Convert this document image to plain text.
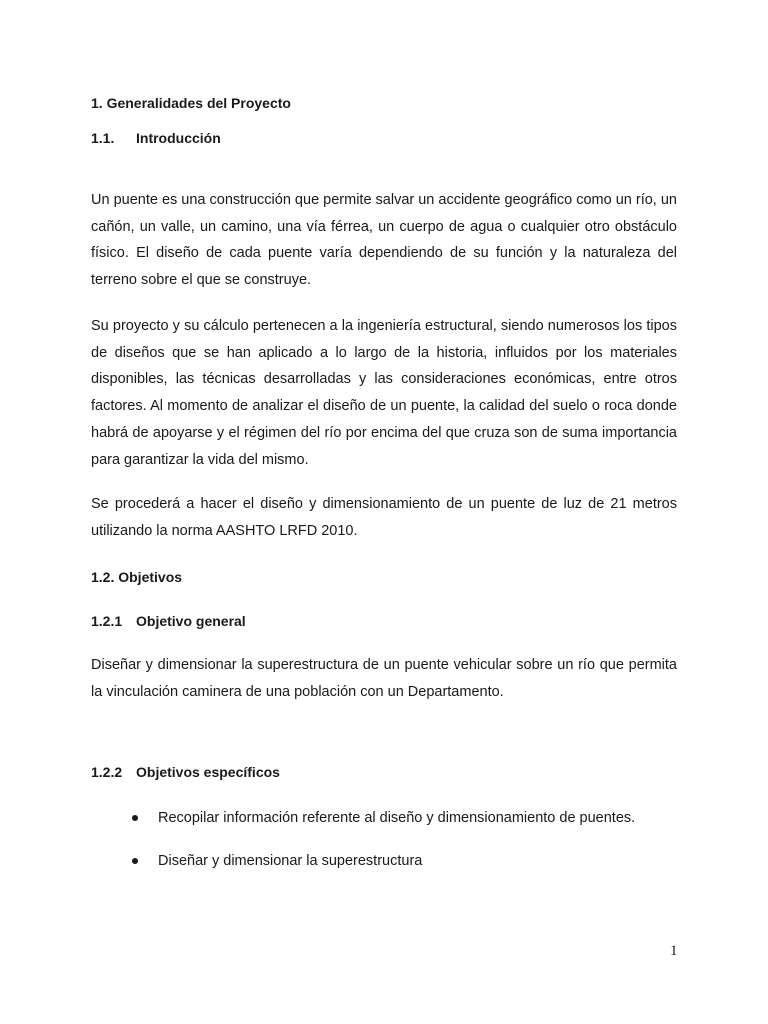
1. Generalidades del Proyecto
1.1. Introducción

Un puente es una construcción que permite salvar un accidente geográfico como un río, un cañón, un valle, un camino, una vía férrea, un cuerpo de agua o cualquier otro obstáculo físico. El diseño de cada puente varía dependiendo de su función y la naturaleza del terreno sobre el que se construye.

Su proyecto y su cálculo pertenecen a la ingeniería estructural, siendo numerosos los tipos de diseños que se han aplicado a lo largo de la historia, influidos por los materiales disponibles, las técnicas desarrolladas y las consideraciones económicas, entre otros factores. Al momento de analizar el diseño de un puente, la calidad del suelo o roca donde habrá de apoyarse y el régimen del río por encima del que cruza son de suma importancia para garantizar la vida del mismo.

Se procederá a hacer el diseño y dimensionamiento de un puente de luz de 21 metros utilizando la norma AASHTO LRFD 2010.

1.2. Objetivos
1.2.1 Objetivo general

Diseñar y dimensionar la superestructura de un puente vehicular sobre un río que permita la vinculación caminera de una población con un Departamento.

1.2.2 Objetivos específicos
Recopilar información referente al diseño y dimensionamiento de puentes.
Diseñar y dimensionar la superestructura
1
